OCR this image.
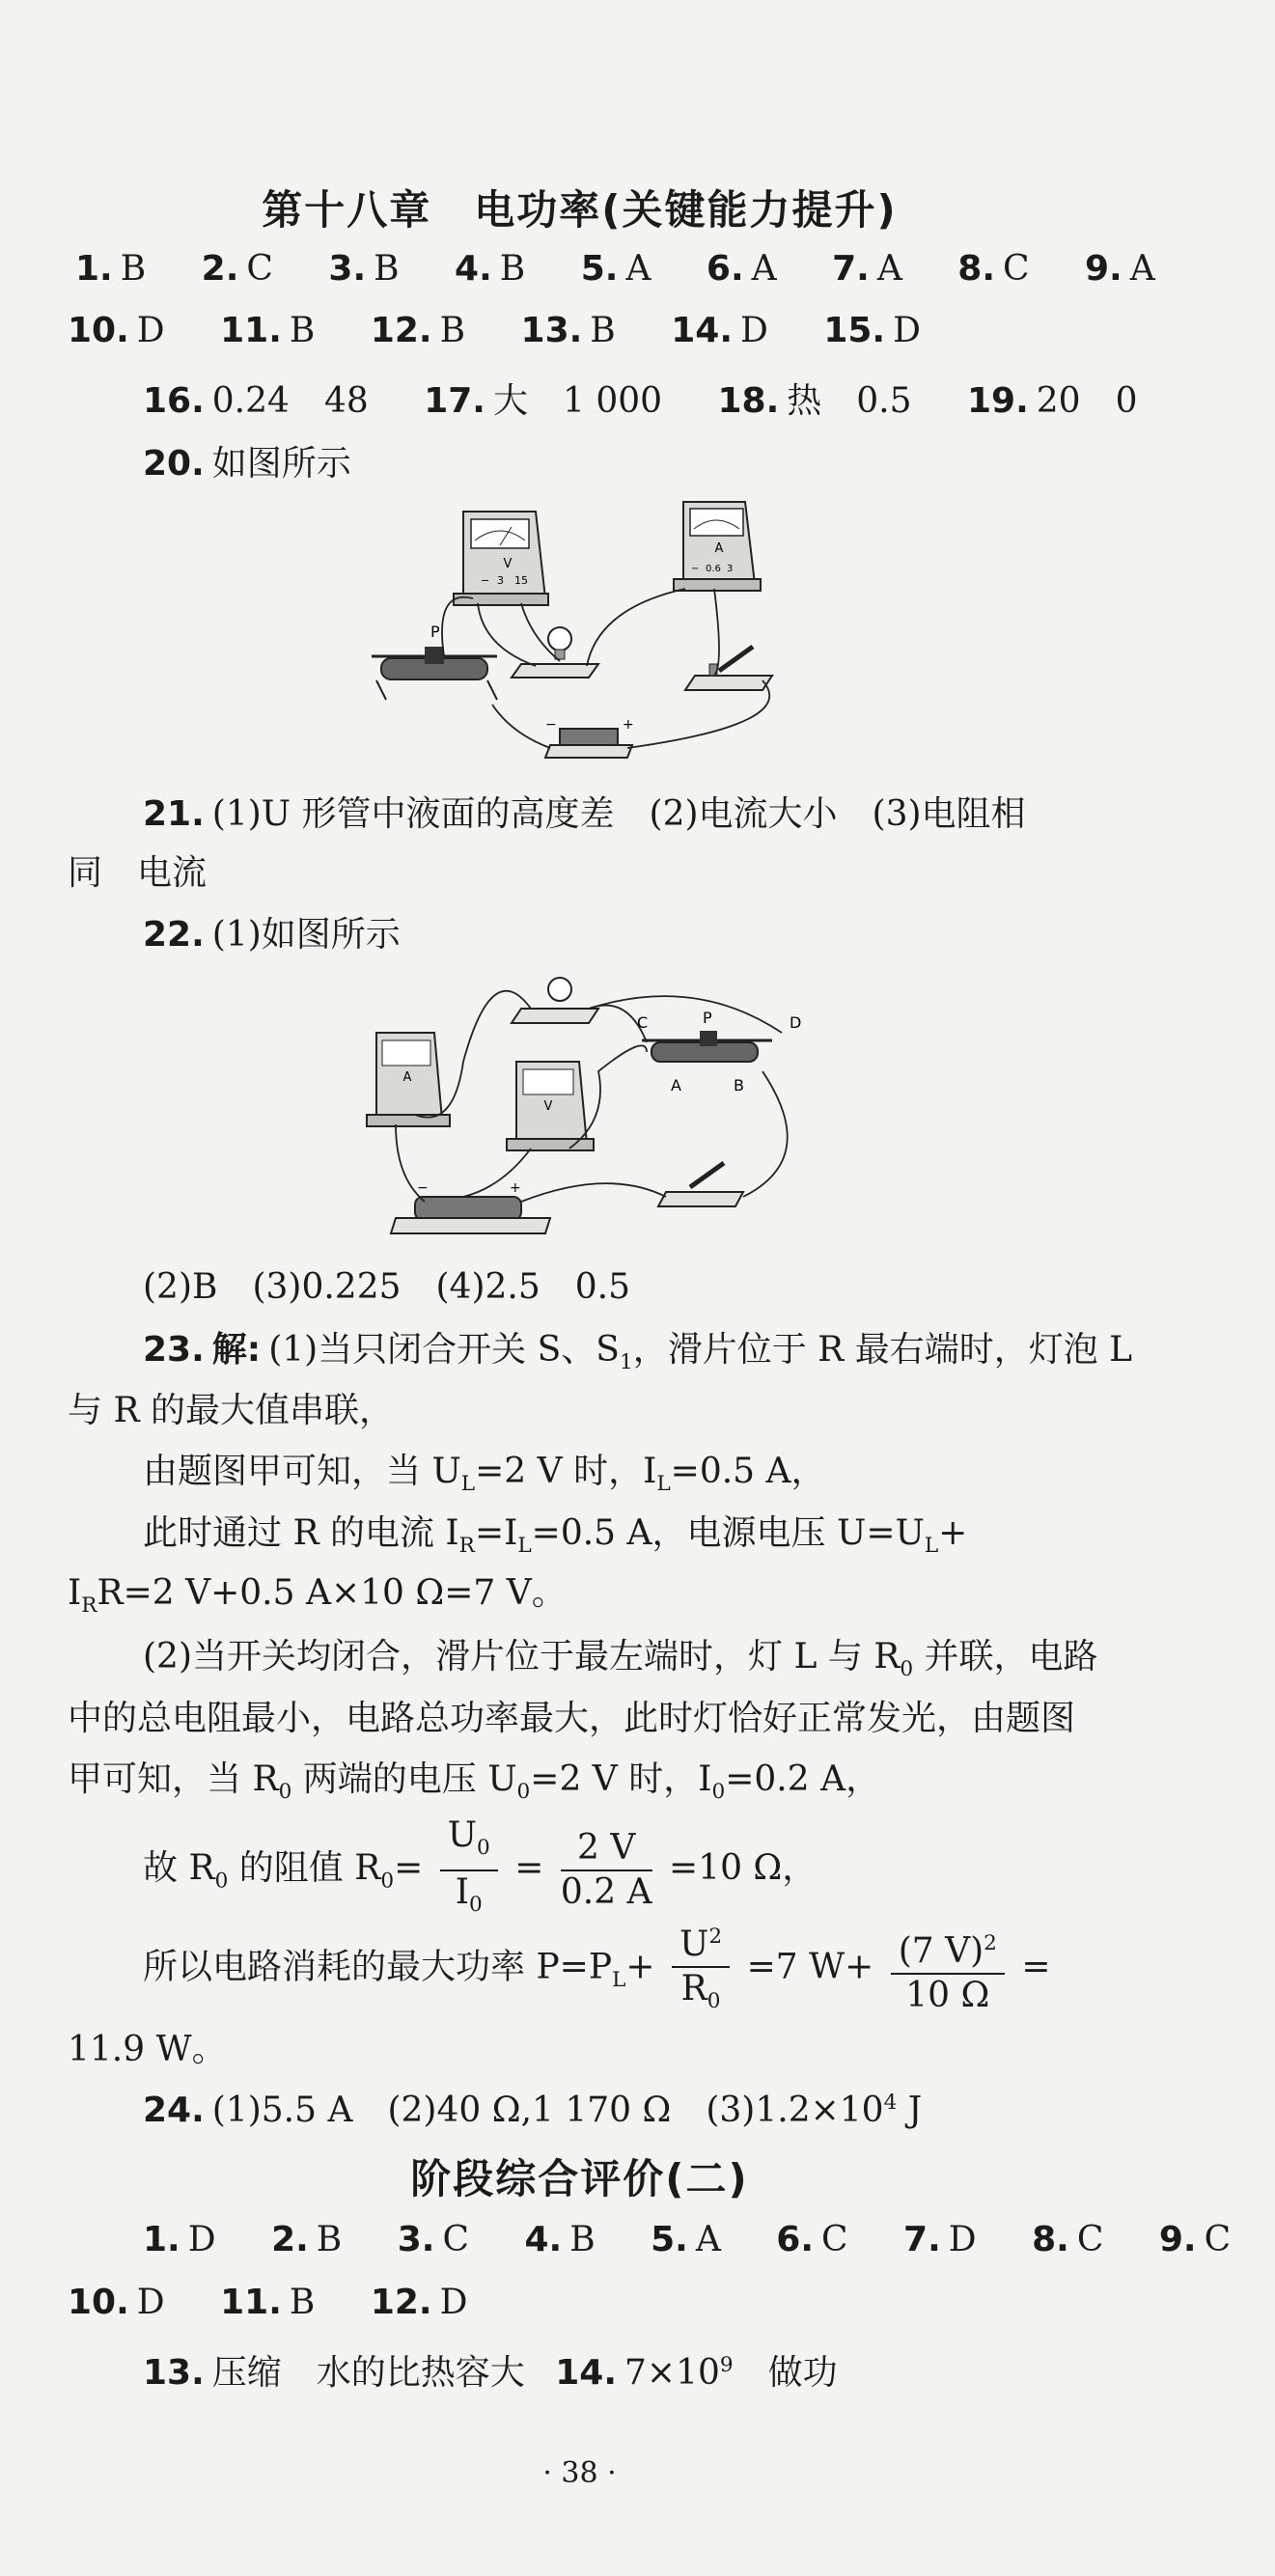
第十八章　电功率(关键能力提升)
1. B 2. C 3. B 4. B 5. A 6. A 7. A 8. C 9. A
10. D 11. B 12. B 13. B 14. D 15. D
16. 0.24　48 17. 大　1 000 18. 热　0.5 19. 20　0
20. 如图所示
V
− 3 15
A
− 0.6 3
P
−	+
21. (1)U 形管中液面的高度差　(2)电流大小　(3)电阻相
同　电流
22. (1)如图所示
A
V
C	P	D
A	B
−	+
(2)B　(3)0.225　(4)2.5　0.5
23. 解: (1)当只闭合开关 S、$S_1$，滑片位于 R 最右端时，灯泡 L
与 R 的最大值串联，
由题图甲可知，当 $U_L=2$ V 时，$I_L=0.5$ A，
此时通过 R 的电流 $I_R=I_L=0.5$ A，电源电压 $U=U_L+$
$I_RR=2$ V+0.5 A×10 Ω=7 V。
(2)当开关均闭合，滑片位于最左端时，灯 L 与 $R_0$ 并联，电路
中的总电阻最小，电路总功率最大，此时灯恰好正常发光，由题图
甲可知，当 $R_0$ 两端的电压 $U_0=2$ V 时，$I_0=0.2$ A，
故 $R_0$ 的阻值 $R_0= \frac{U_0}{I_0} = \frac{2 V}{0.2 A} =10$ Ω，
所以电路消耗的最大功率 $P=P_L+ \frac{U^2}{R_0} =7$ $W+ \frac{(7 V)^2}{10 \Omega}$ =
11.9 W。
24. (1)5.5 A　(2)40 Ω,1 170 Ω　$(3)1.2\times 10^4$ J
阶段综合评价(二)
1. D 2. B 3. C 4. B 5. A 6. C 7. D 8. C 9. C
10. D 11. B 12. D
13. 压缩　水的比热容大 14. $7\times 10^9$　做功
· 38 ·
